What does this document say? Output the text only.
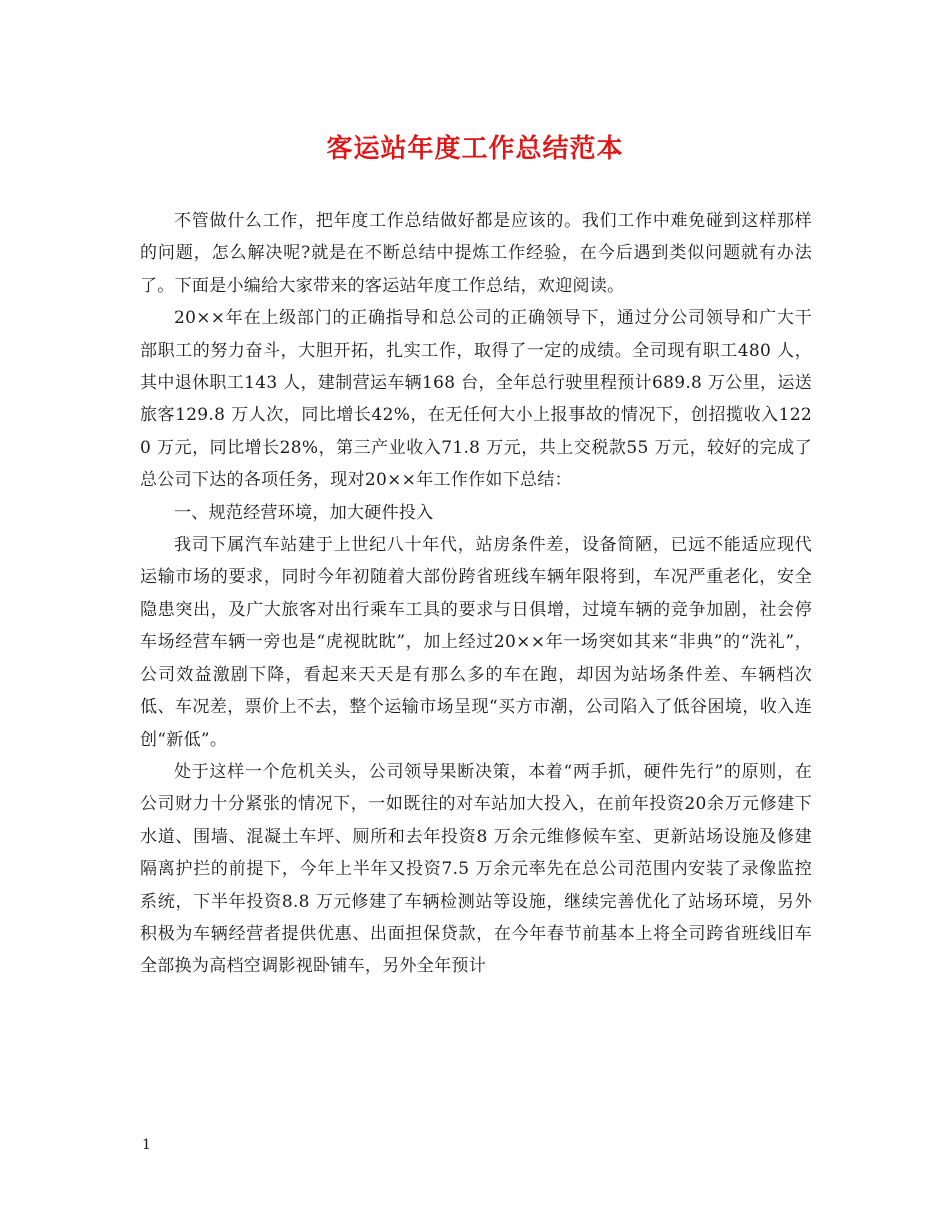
客运站年度工作总结范本

不管做什么工作，把年度工作总结做好都是应该的。我们工作中难免碰到这样那样的问题，怎么解决呢?就是在不断总结中提炼工作经验，在今后遇到类似问题就有办法了。下面是小编给大家带来的客运站年度工作总结，欢迎阅读。

20××年在上级部门的正确指导和总公司的正确领导下，通过分公司领导和广大干部职工的努力奋斗，大胆开拓，扎实工作，取得了一定的成绩。全司现有职工480 人，其中退休职工143 人，建制营运车辆168 台，全年总行驶里程预计689.8 万公里，运送旅客129.8 万人次，同比增长42%，在无任何大小上报事故的情况下，创招揽收入1220 万元，同比增长28%，第三产业收入71.8 万元，共上交税款55 万元，较好的完成了总公司下达的各项任务，现对20××年工作作如下总结：

一、规范经营环境，加大硬件投入

我司下属汽车站建于上世纪八十年代，站房条件差，设备简陋，已远不能适应现代运输市场的要求，同时今年初随着大部份跨省班线车辆年限将到，车况严重老化，安全隐患突出，及广大旅客对出行乘车工具的要求与日俱增，过境车辆的竞争加剧，社会停车场经营车辆一旁也是“虎视眈眈”，加上经过20××年一场突如其来“非典”的“洗礼”，公司效益激剧下降，看起来天天是有那么多的车在跑，却因为站场条件差、车辆档次低、车况差，票价上不去，整个运输市场呈现“买方市潮，公司陷入了低谷困境，收入连创“新低”。

处于这样一个危机关头，公司领导果断决策，本着“两手抓，硬件先行”的原则，在公司财力十分紧张的情况下，一如既往的对车站加大投入，在前年投资20余万元修建下水道、围墙、混凝土车坪、厕所和去年投资8 万余元维修候车室、更新站场设施及修建隔离护拦的前提下，今年上半年又投资7.5 万余元率先在总公司范围内安装了录像监控系统，下半年投资8.8 万元修建了车辆检测站等设施，继续完善优化了站场环境，另外积极为车辆经营者提供优惠、出面担保贷款，在今年春节前基本上将全司跨省班线旧车全部换为高档空调影视卧铺车，另外全年预计

1
